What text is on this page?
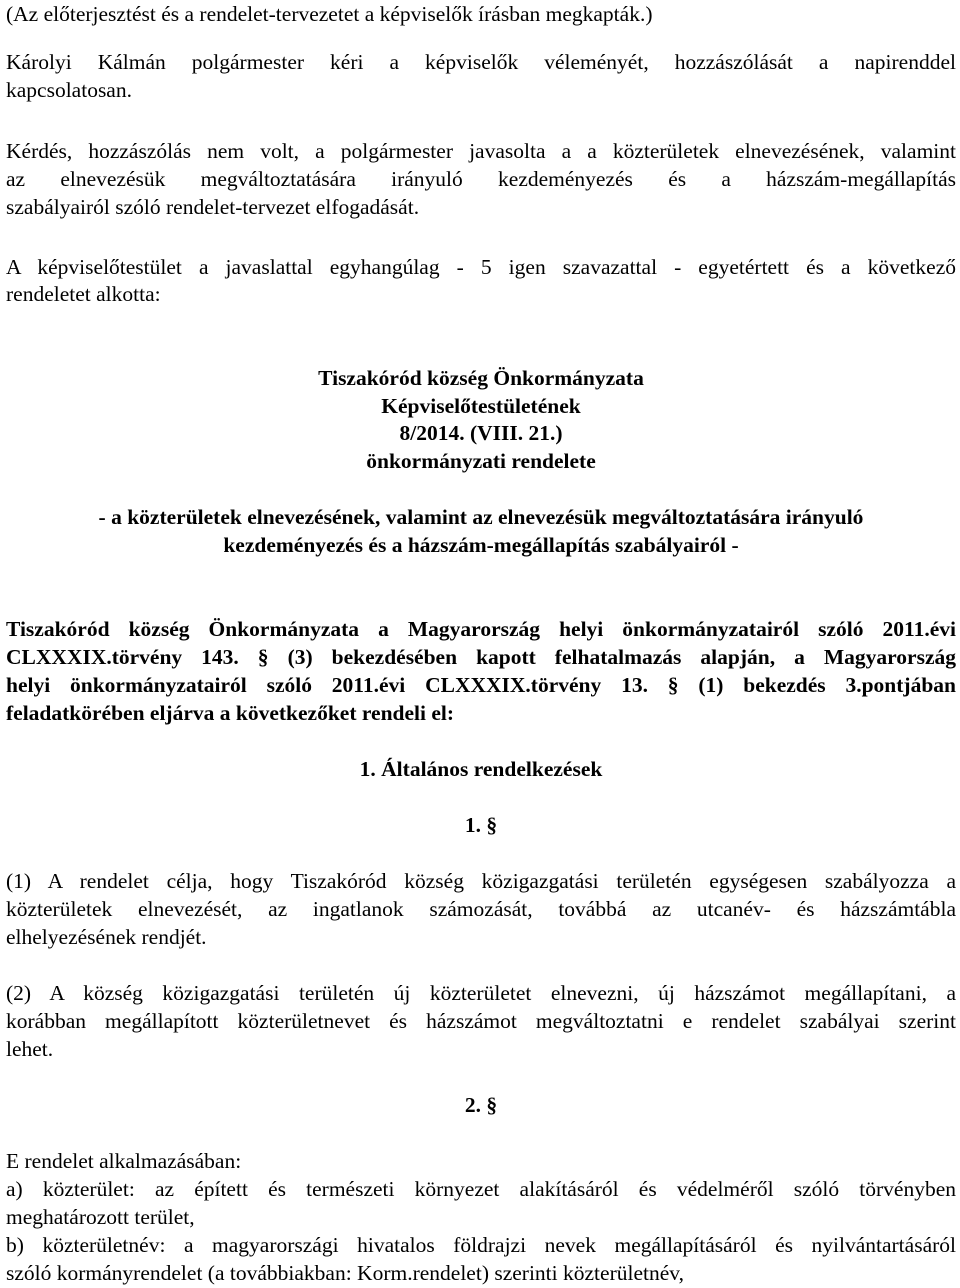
(Az előterjesztést és a rendelet-tervezetet a képviselők írásban megkapták.)
Károlyi Kálmán polgármester kéri a képviselők véleményét, hozzászólását a napirenddel
kapcsolatosan.
Kérdés, hozzászólás nem volt, a polgármester javasolta a a közterületek elnevezésének, valamint
az elnevezésük megváltoztatására irányuló kezdeményezés és a házszám-megállapítás
szabályairól szóló rendelet-tervezet elfogadását.
A képviselőtestület a javaslattal egyhangúlag - 5 igen szavazattal - egyetértett és a következő
rendeletet alkotta:
Tiszakóród község Önkormányzata
Képviselőtestületének
8/2014. (VIII. 21.)
önkormányzati rendelete
- a közterületek elnevezésének, valamint az elnevezésük megváltoztatására irányuló
kezdeményezés és a házszám-megállapítás szabályairól -
Tiszakóród község Önkormányzata a Magyarország helyi önkormányzatairól szóló 2011.évi
CLXXXIX.törvény 143. § (3) bekezdésében kapott felhatalmazás alapján, a Magyarország
helyi önkormányzatairól szóló 2011.évi CLXXXIX.törvény 13. § (1) bekezdés 3.pontjában
feladatkörében eljárva a következőket rendeli el:
1. Általános rendelkezések
1. §
(1) A rendelet célja, hogy Tiszakóród község közigazgatási területén egységesen szabályozza a
közterületek elnevezését, az ingatlanok számozását, továbbá az utcanév- és házszámtábla
elhelyezésének rendjét.
(2) A község közigazgatási területén új közterületet elnevezni, új házszámot megállapítani, a
korábban megállapított közterületnevet és házszámot megváltoztatni e rendelet szabályai szerint
lehet.
2. §
E rendelet alkalmazásában:
a) közterület: az épített és természeti környezet alakításáról és védelméről szóló törvényben
meghatározott terület,
b) közterületnév: a magyarországi hivatalos földrajzi nevek megállapításáról és nyilvántartásáról
szóló kormányrendelet (a továbbiakban: Korm.rendelet) szerinti közterületnév,
